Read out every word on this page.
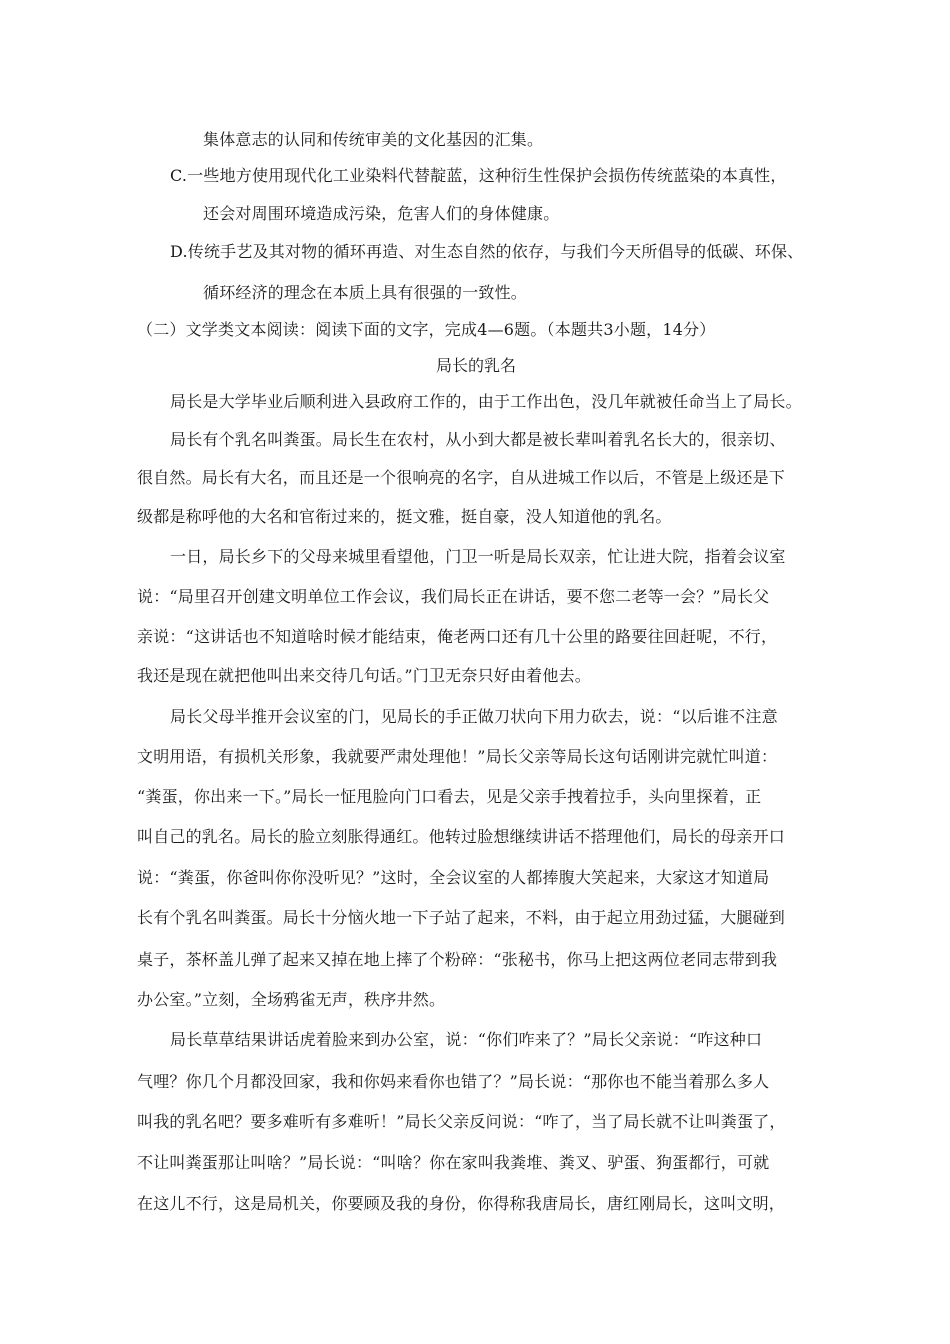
集体意志的认同和传统审美的文化基因的汇集。
C.一些地方使用现代化工业染料代替靛蓝，这种衍生性保护会损伤传统蓝染的本真性，
还会对周围环境造成污染，危害人们的身体健康。
D.传统手艺及其对物的循环再造、对生态自然的依存，与我们今天所倡导的低碳、环保、
循环经济的理念在本质上具有很强的一致性。
（二）文学类文本阅读：阅读下面的文字，完成4—6题。（本题共3小题，14分）
局长的乳名
局长是大学毕业后顺利进入县政府工作的，由于工作出色，没几年就被任命当上了局长。
局长有个乳名叫粪蛋。局长生在农村，从小到大都是被长辈叫着乳名长大的，很亲切、
很自然。局长有大名，而且还是一个很响亮的名字，自从进城工作以后，不管是上级还是下
级都是称呼他的大名和官衔过来的，挺文雅，挺自豪，没人知道他的乳名。
一日，局长乡下的父母来城里看望他，门卫一听是局长双亲，忙让进大院，指着会议室
说：“局里召开创建文明单位工作会议，我们局长正在讲话，要不您二老等一会？”局长父
亲说：“这讲话也不知道啥时候才能结束，俺老两口还有几十公里的路要往回赶呢，不行，
我还是现在就把他叫出来交待几句话。”门卫无奈只好由着他去。
局长父母半推开会议室的门，见局长的手正做刀状向下用力砍去，说：“以后谁不注意
文明用语，有损机关形象，我就要严肃处理他！”局长父亲等局长这句话刚讲完就忙叫道：
“粪蛋，你出来一下。”局长一怔甩脸向门口看去，见是父亲手拽着拉手，头向里探着，正
叫自己的乳名。局长的脸立刻胀得通红。他转过脸想继续讲话不搭理他们，局长的母亲开口
说：“粪蛋，你爸叫你你没听见？”这时，全会议室的人都捧腹大笑起来，大家这才知道局
长有个乳名叫粪蛋。局长十分恼火地一下子站了起来，不料，由于起立用劲过猛，大腿碰到
桌子，茶杯盖儿弹了起来又掉在地上摔了个粉碎：“张秘书，你马上把这两位老同志带到我
办公室。”立刻，全场鸦雀无声，秩序井然。
局长草草结果讲话虎着脸来到办公室，说：“你们咋来了？”局长父亲说：“咋这种口
气哩？你几个月都没回家，我和你妈来看你也错了？”局长说：“那你也不能当着那么多人
叫我的乳名吧？要多难听有多难听！”局长父亲反问说：“咋了，当了局长就不让叫粪蛋了，
不让叫粪蛋那让叫啥？”局长说：“叫啥？你在家叫我粪堆、粪叉、驴蛋、狗蛋都行，可就
在这儿不行，这是局机关，你要顾及我的身份，你得称我唐局长，唐红刚局长，这叫文明，
